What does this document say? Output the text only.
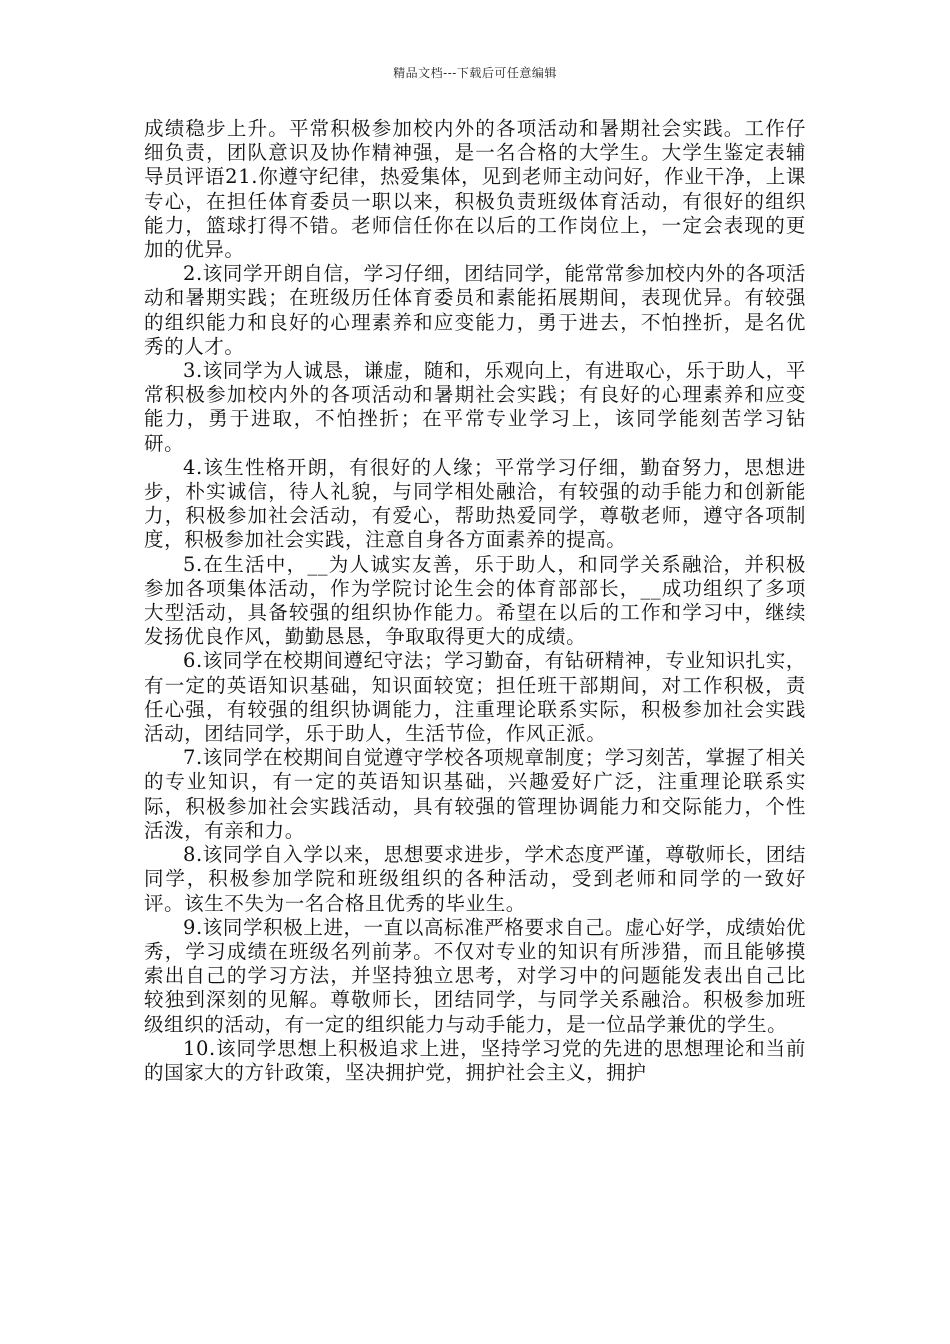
精品文档---下载后可任意编辑

成绩稳步上升。平常积极参加校内外的各项活动和暑期社会实践。工作仔细负责，团队意识及协作精神强，是一名合格的大学生。大学生鉴定表辅导员评语21.你遵守纪律，热爱集体，见到老师主动问好，作业干净，上课专心，在担任体育委员一职以来，积极负责班级体育活动，有很好的组织能力，篮球打得不错。老师信任你在以后的工作岗位上，一定会表现的更加的优异。

2.该同学开朗自信，学习仔细，团结同学，能常常参加校内外的各项活动和暑期实践；在班级历任体育委员和素能拓展期间，表现优异。有较强的组织能力和良好的心理素养和应变能力，勇于进去，不怕挫折，是名优秀的人才。

3.该同学为人诚恳，谦虚，随和，乐观向上，有进取心，乐于助人，平常积极参加校内外的各项活动和暑期社会实践；有良好的心理素养和应变能力，勇于进取，不怕挫折；在平常专业学习上，该同学能刻苦学习钻研。

4.该生性格开朗，有很好的人缘；平常学习仔细，勤奋努力，思想进步，朴实诚信，待人礼貌，与同学相处融洽，有较强的动手能力和创新能力，积极参加社会活动，有爱心，帮助热爱同学，尊敬老师，遵守各项制度，积极参加社会实践，注意自身各方面素养的提高。

5.在生活中，__为人诚实友善，乐于助人，和同学关系融洽，并积极参加各项集体活动，作为学院讨论生会的体育部部长，__成功组织了多项大型活动，具备较强的组织协作能力。希望在以后的工作和学习中，继续发扬优良作风，勤勤恳恳，争取取得更大的成绩。

6.该同学在校期间遵纪守法；学习勤奋，有钻研精神，专业知识扎实，有一定的英语知识基础，知识面较宽；担任班干部期间，对工作积极，责任心强，有较强的组织协调能力，注重理论联系实际，积极参加社会实践活动，团结同学，乐于助人，生活节俭，作风正派。

7.该同学在校期间自觉遵守学校各项规章制度；学习刻苦，掌握了相关的专业知识，有一定的英语知识基础，兴趣爱好广泛，注重理论联系实际，积极参加社会实践活动，具有较强的管理协调能力和交际能力，个性活泼，有亲和力。

8.该同学自入学以来，思想要求进步，学术态度严谨，尊敬师长，团结同学，积极参加学院和班级组织的各种活动，受到老师和同学的一致好评。该生不失为一名合格且优秀的毕业生。

9.该同学积极上进，一直以高标准严格要求自己。虚心好学，成绩始优秀，学习成绩在班级名列前茅。不仅对专业的知识有所涉猎，而且能够摸索出自己的学习方法，并坚持独立思考，对学习中的问题能发表出自己比较独到深刻的见解。尊敬师长，团结同学，与同学关系融洽。积极参加班级组织的活动，有一定的组织能力与动手能力，是一位品学兼优的学生。

10.该同学思想上积极追求上进，坚持学习党的先进的思想理论和当前的国家大的方针政策，坚决拥护党，拥护社会主义，拥护
